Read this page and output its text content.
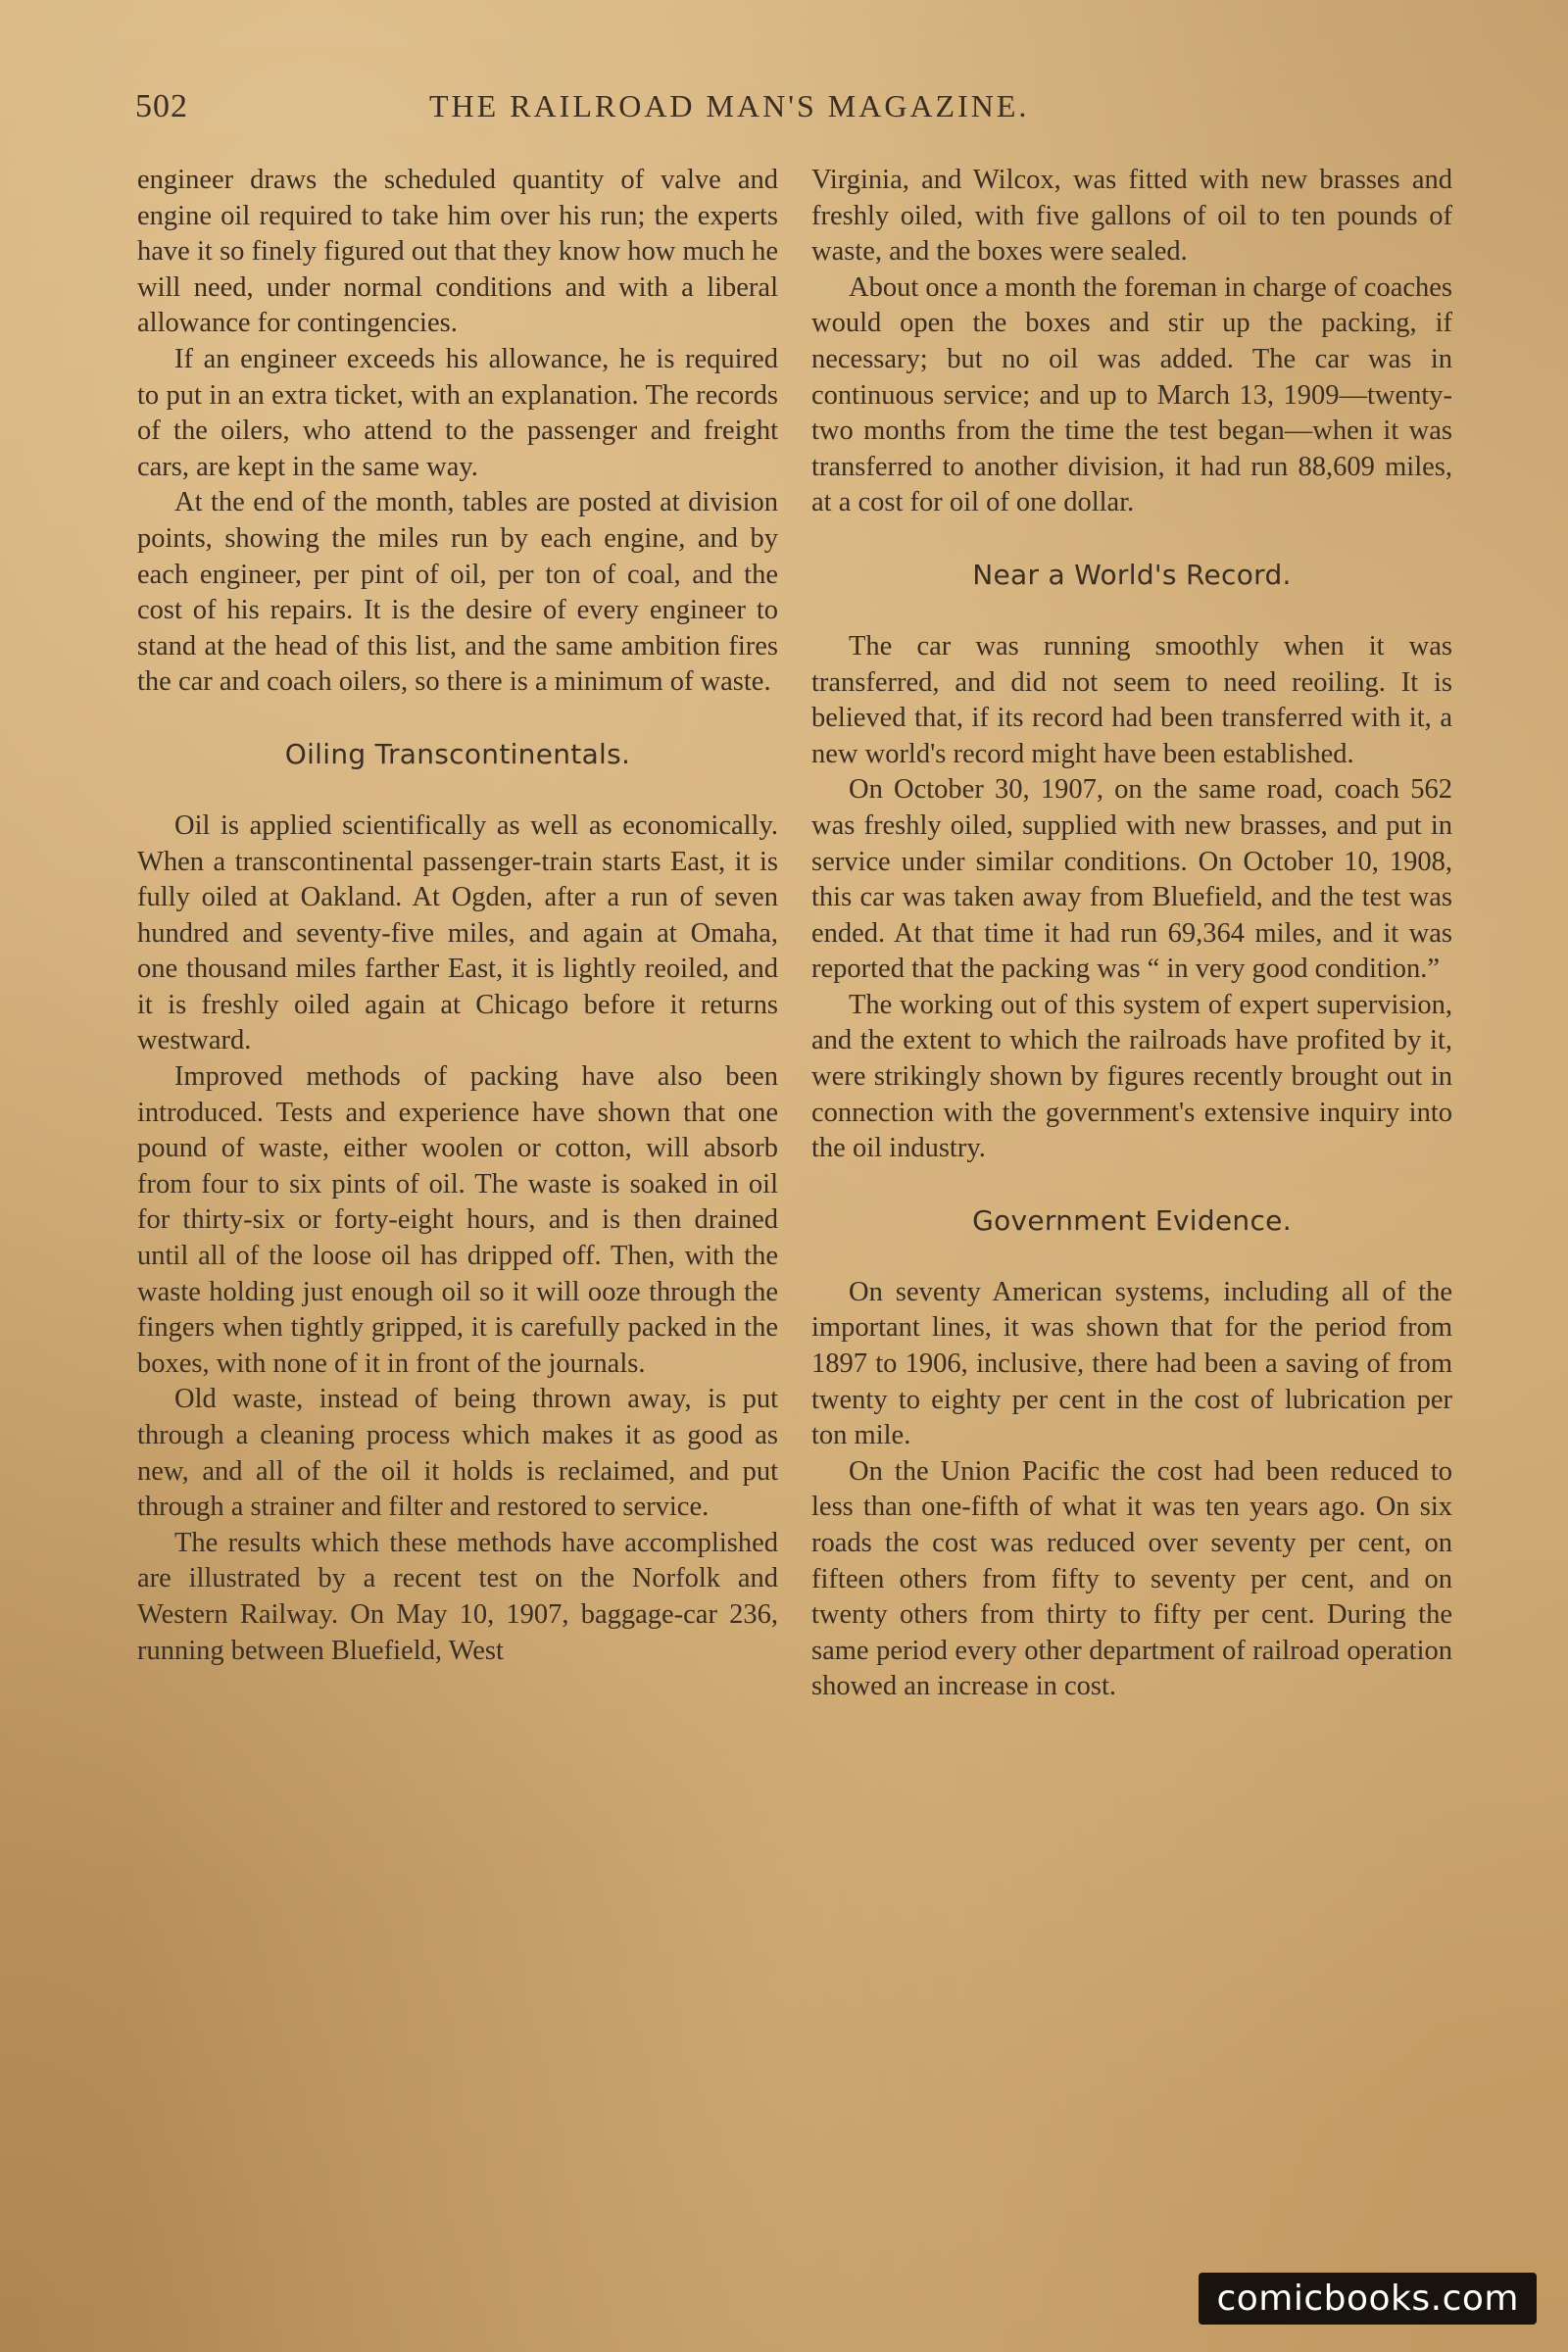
502	THE RAILROAD MAN'S MAGAZINE.

engineer draws the scheduled quantity of valve and engine oil required to take him over his run; the experts have it so finely figured out that they know how much he will need, under normal conditions and with a liberal allowance for contingencies.

If an engineer exceeds his allowance, he is required to put in an extra ticket, with an explanation. The records of the oilers, who attend to the passenger and freight cars, are kept in the same way.

At the end of the month, tables are posted at division points, showing the miles run by each engine, and by each engineer, per pint of oil, per ton of coal, and the cost of his repairs. It is the desire of every engineer to stand at the head of this list, and the same ambition fires the car and coach oilers, so there is a minimum of waste.

Oiling Transcontinentals.

Oil is applied scientifically as well as economically. When a transcontinental passenger-train starts East, it is fully oiled at Oakland. At Ogden, after a run of seven hundred and seventy-five miles, and again at Omaha, one thousand miles farther East, it is lightly reoiled, and it is freshly oiled again at Chicago before it returns westward.

Improved methods of packing have also been introduced. Tests and experience have shown that one pound of waste, either woolen or cotton, will absorb from four to six pints of oil. The waste is soaked in oil for thirty-six or forty-eight hours, and is then drained until all of the loose oil has dripped off. Then, with the waste holding just enough oil so it will ooze through the fingers when tightly gripped, it is carefully packed in the boxes, with none of it in front of the journals.

Old waste, instead of being thrown away, is put through a cleaning process which makes it as good as new, and all of the oil it holds is reclaimed, and put through a strainer and filter and restored to service.

The results which these methods have accomplished are illustrated by a recent test on the Norfolk and Western Railway. On May 10, 1907, baggage-car 236, running between Bluefield, West

Virginia, and Wilcox, was fitted with new brasses and freshly oiled, with five gallons of oil to ten pounds of waste, and the boxes were sealed.

About once a month the foreman in charge of coaches would open the boxes and stir up the packing, if necessary; but no oil was added. The car was in continuous service; and up to March 13, 1909—twenty-two months from the time the test began—when it was transferred to another division, it had run 88,609 miles, at a cost for oil of one dollar.

Near a World's Record.

The car was running smoothly when it was transferred, and did not seem to need reoiling. It is believed that, if its record had been transferred with it, a new world's record might have been established.

On October 30, 1907, on the same road, coach 562 was freshly oiled, supplied with new brasses, and put in service under similar conditions. On October 10, 1908, this car was taken away from Bluefield, and the test was ended. At that time it had run 69,364 miles, and it was reported that the packing was “ in very good condition.”

The working out of this system of expert supervision, and the extent to which the railroads have profited by it, were strikingly shown by figures recently brought out in connection with the government's extensive inquiry into the oil industry.

Government Evidence.

On seventy American systems, including all of the important lines, it was shown that for the period from 1897 to 1906, inclusive, there had been a saving of from twenty to eighty per cent in the cost of lubrication per ton mile.

On the Union Pacific the cost had been reduced to less than one-fifth of what it was ten years ago. On six roads the cost was reduced over seventy per cent, on fifteen others from fifty to seventy per cent, and on twenty others from thirty to fifty per cent. During the same period every other department of railroad operation showed an increase in cost.

comicbooks.com
